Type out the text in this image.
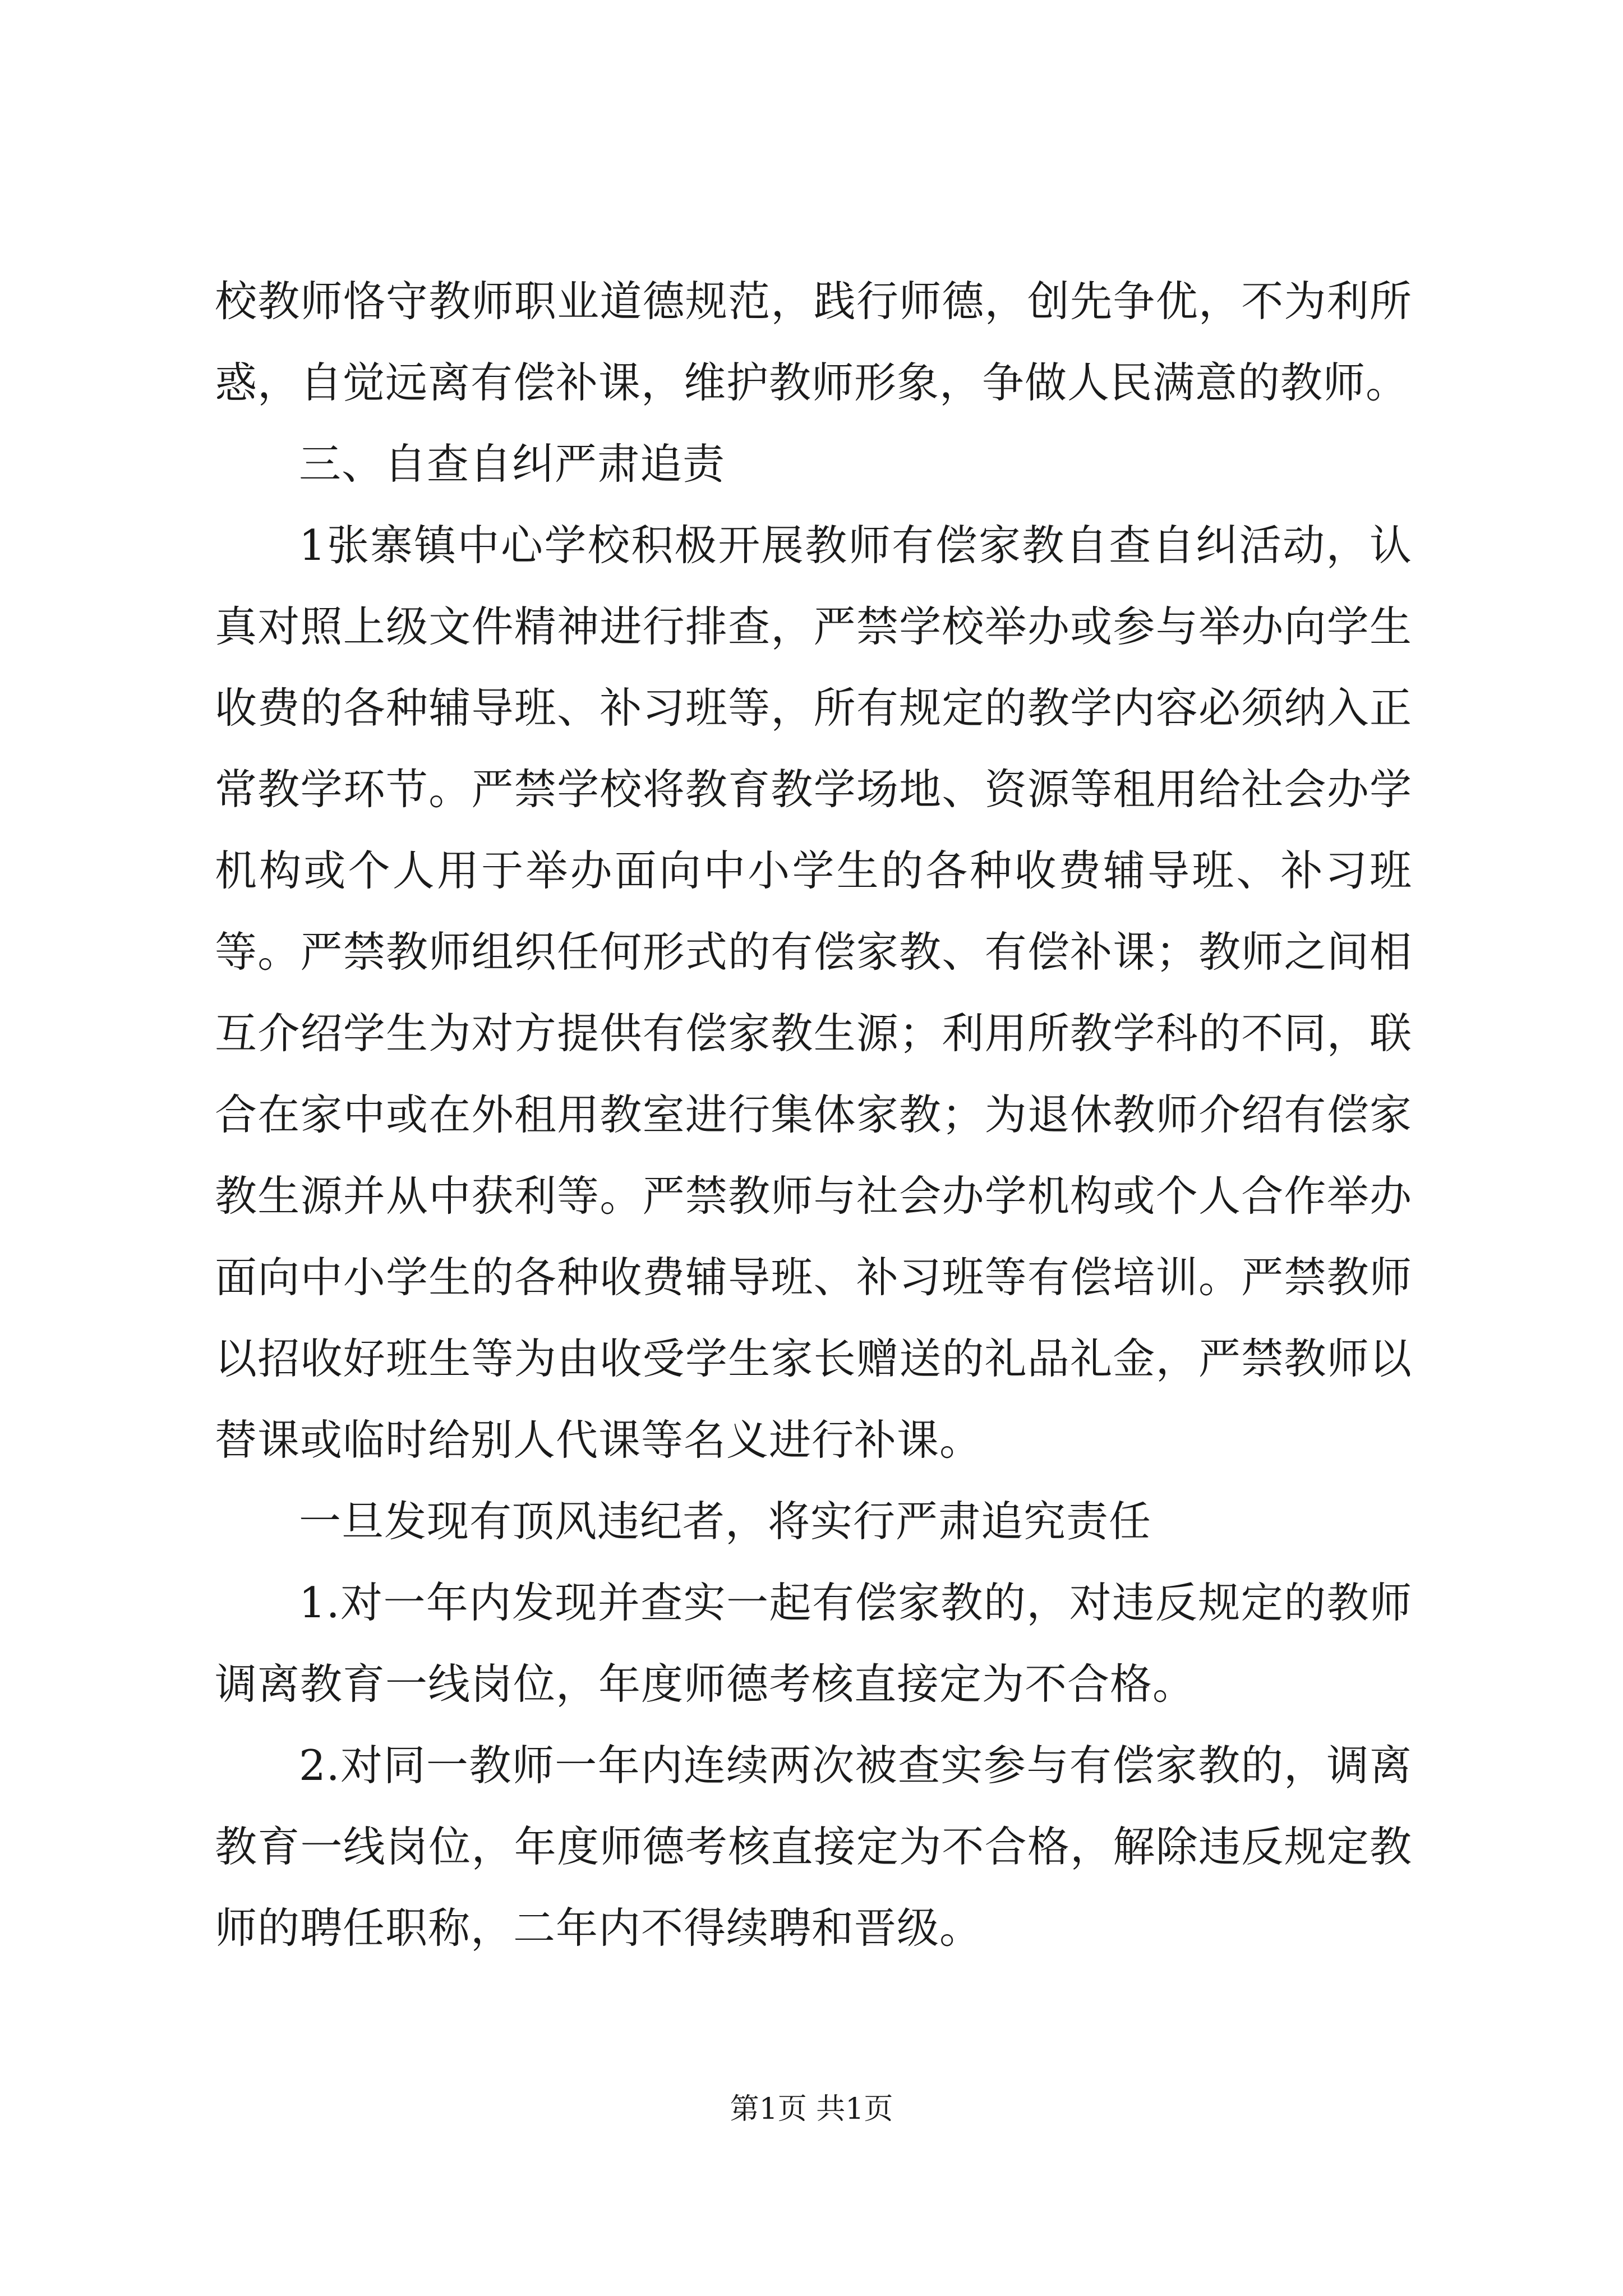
校教师恪守教师职业道德规范，践行师德，创先争优，不为利所惑，自觉远离有偿补课，维护教师形象，争做人民满意的教师。

三、自查自纠严肃追责

1张寨镇中心学校积极开展教师有偿家教自查自纠活动，认真对照上级文件精神进行排查，严禁学校举办或参与举办向学生收费的各种辅导班、补习班等，所有规定的教学内容必须纳入正常教学环节。严禁学校将教育教学场地、资源等租用给社会办学机构或个人用于举办面向中小学生的各种收费辅导班、补习班等。严禁教师组织任何形式的有偿家教、有偿补课；教师之间相互介绍学生为对方提供有偿家教生源；利用所教学科的不同，联合在家中或在外租用教室进行集体家教；为退休教师介绍有偿家教生源并从中获利等。严禁教师与社会办学机构或个人合作举办面向中小学生的各种收费辅导班、补习班等有偿培训。严禁教师以招收好班生等为由收受学生家长赠送的礼品礼金，严禁教师以替课或临时给别人代课等名义进行补课。

一旦发现有顶风违纪者，将实行严肃追究责任

1.对一年内发现并查实一起有偿家教的，对违反规定的教师调离教育一线岗位，年度师德考核直接定为不合格。

2.对同一教师一年内连续两次被查实参与有偿家教的，调离教育一线岗位，年度师德考核直接定为不合格，解除违反规定教师的聘任职称，二年内不得续聘和晋级。

第1页 共1页
